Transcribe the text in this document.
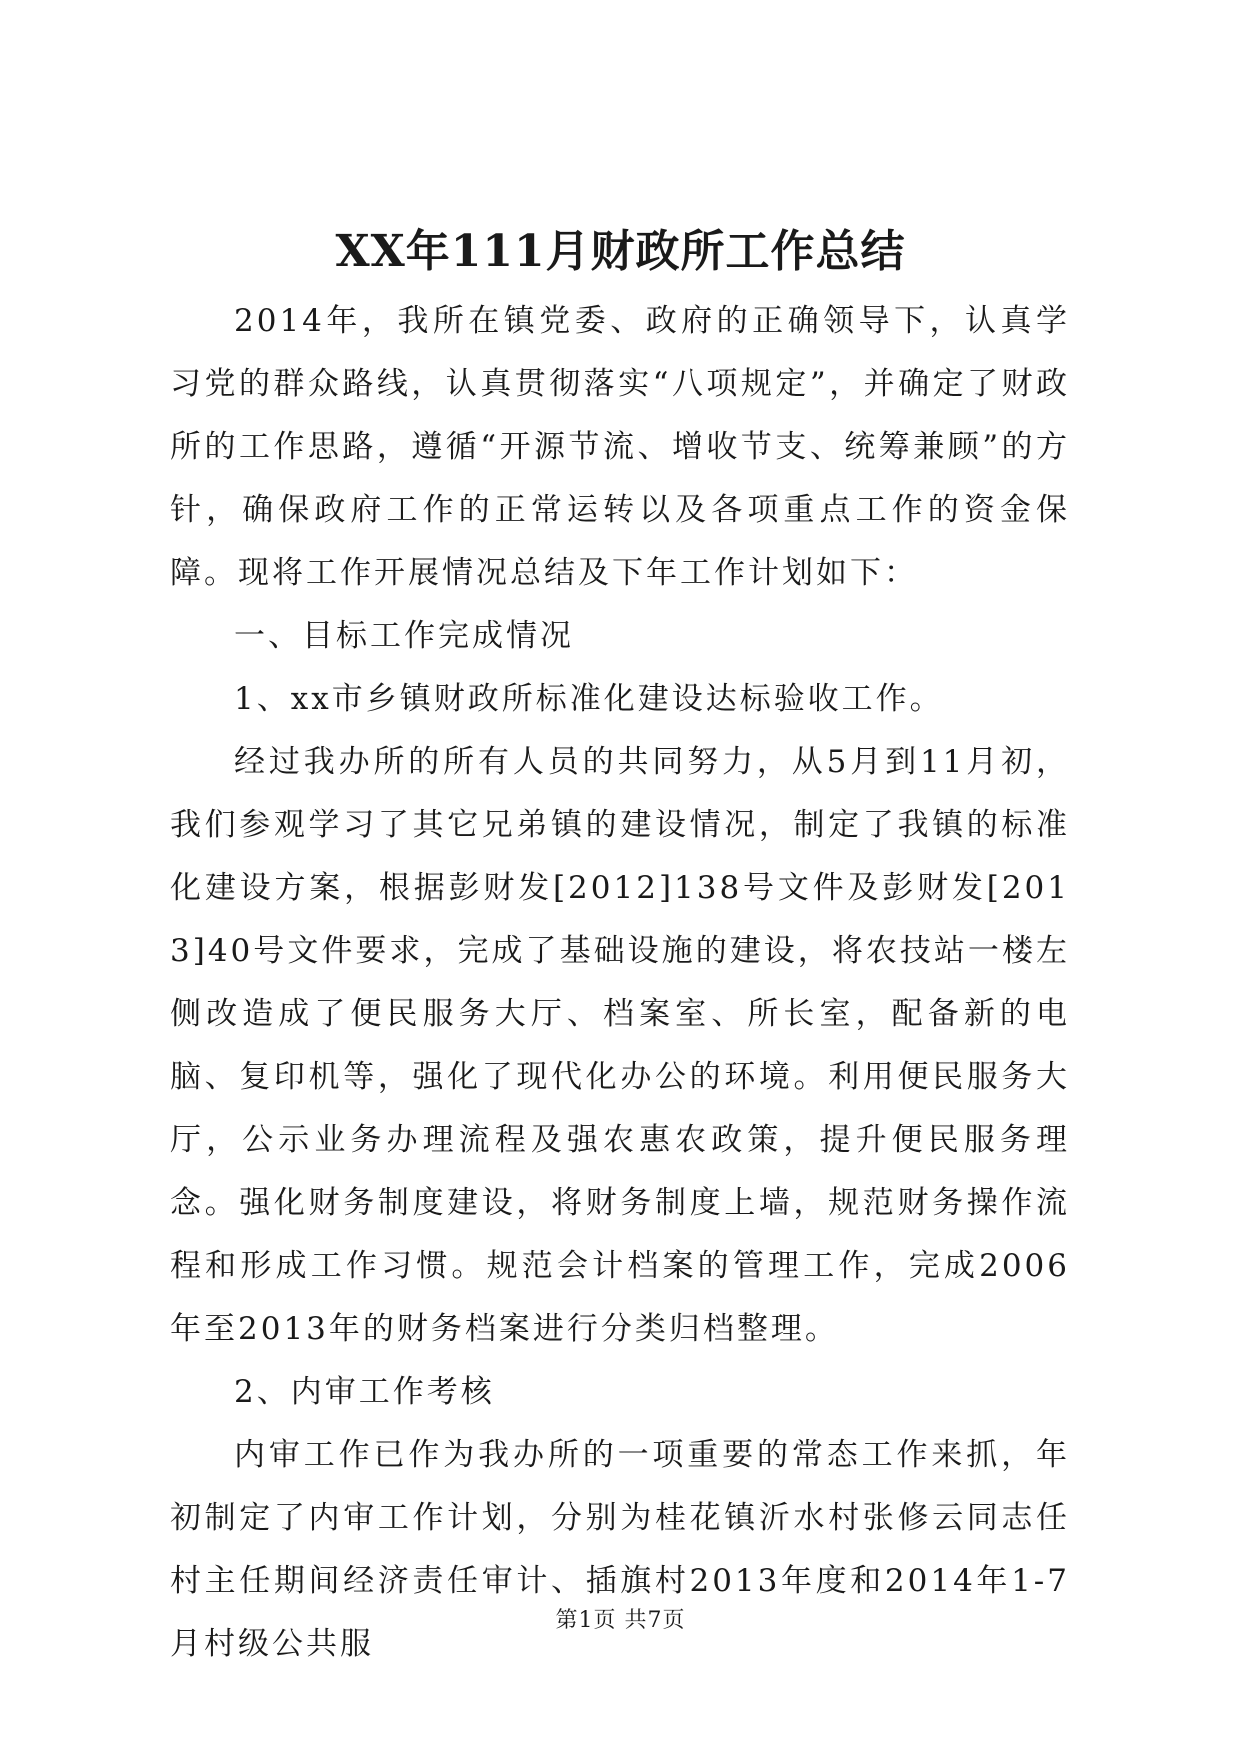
XX年111月财政所工作总结

2014年，我所在镇党委、政府的正确领导下，认真学习党的群众路线，认真贯彻落实“八项规定”，并确定了财政所的工作思路，遵循“开源节流、增收节支、统筹兼顾”的方针，确保政府工作的正常运转以及各项重点工作的资金保障。现将工作开展情况总结及下年工作计划如下：

一、目标工作完成情况

1、xx市乡镇财政所标准化建设达标验收工作。

经过我办所的所有人员的共同努力，从5月到11月初，我们参观学习了其它兄弟镇的建设情况，制定了我镇的标准化建设方案，根据彭财发[2012]138号文件及彭财发[2013]40号文件要求，完成了基础设施的建设，将农技站一楼左侧改造成了便民服务大厅、档案室、所长室，配备新的电脑、复印机等，强化了现代化办公的环境。利用便民服务大厅，公示业务办理流程及强农惠农政策，提升便民服务理念。强化财务制度建设，将财务制度上墙，规范财务操作流程和形成工作习惯。规范会计档案的管理工作，完成2006年至2013年的财务档案进行分类归档整理。

2、内审工作考核

内审工作已作为我办所的一项重要的常态工作来抓，年初制定了内审工作计划，分别为桂花镇沂水村张修云同志任村主任期间经济责任审计、插旗村2013年度和2014年1-7月村级公共服

第1页 共7页
